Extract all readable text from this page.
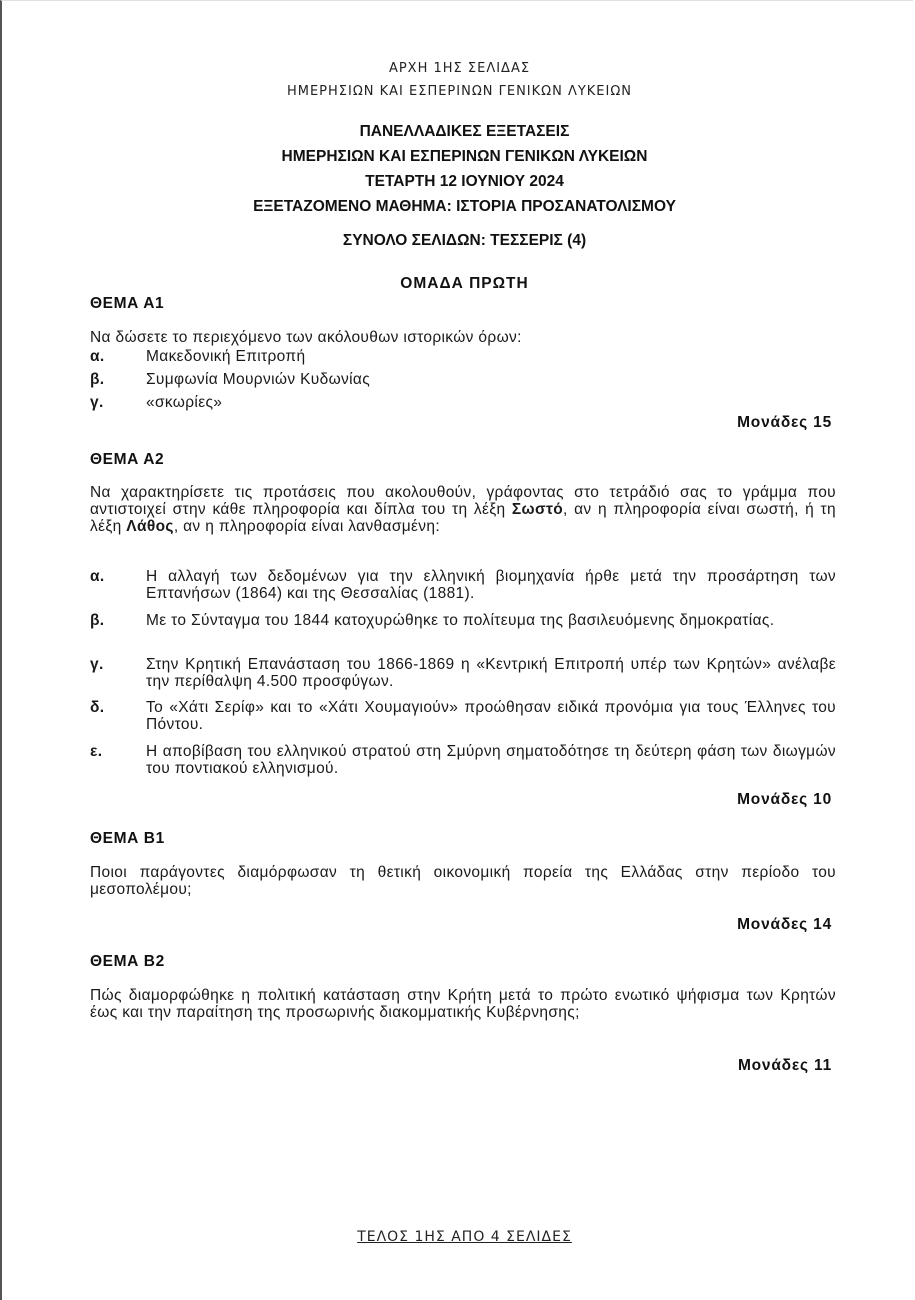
ΑΡΧΗ 1ΗΣ ΣΕΛΙΔΑΣ
ΗΜΕΡΗΣΙΩΝ ΚΑΙ ΕΣΠΕΡΙΝΩΝ ΓΕΝΙΚΩΝ ΛΥΚΕΙΩΝ
ΠΑΝΕΛΛΑΔΙΚΕΣ ΕΞΕΤΑΣΕΙΣ
ΗΜΕΡΗΣΙΩΝ ΚΑΙ ΕΣΠΕΡΙΝΩΝ ΓΕΝΙΚΩΝ ΛΥΚΕΙΩΝ
ΤΕΤΑΡΤΗ 12 ΙΟΥΝΙΟΥ 2024
ΕΞΕΤΑΖΟΜΕΝΟ ΜΑΘΗΜΑ: ΙΣΤΟΡΙΑ ΠΡΟΣΑΝΑΤΟΛΙΣΜΟΥ
ΣΥΝΟΛΟ ΣΕΛΙΔΩΝ: ΤΕΣΣΕΡΙΣ (4)
ΟΜΑΔΑ ΠΡΩΤΗ
ΘΕΜΑ Α1
Να δώσετε το περιεχόμενο των ακόλουθων ιστορικών όρων:
α.	Μακεδονική Επιτροπή
β.	Συμφωνία Μουρνιών Κυδωνίας
γ.	«σκωρίες»
Μονάδες 15
ΘΕΜΑ Α2
Να χαρακτηρίσετε τις προτάσεις που ακολουθούν, γράφοντας στο τετράδιό σας το γράμμα που αντιστοιχεί στην κάθε πληροφορία και δίπλα του τη λέξη Σωστό, αν η πληροφορία είναι σωστή, ή τη λέξη Λάθος, αν η πληροφορία είναι λανθασμένη:
α.	Η αλλαγή των δεδομένων για την ελληνική βιομηχανία ήρθε μετά την προσάρτηση των Επτανήσων (1864) και της Θεσσαλίας (1881).
β.	Με το Σύνταγμα του 1844 κατοχυρώθηκε το πολίτευμα της βασιλευόμενης δημοκρατίας.
γ.	Στην Κρητική Επανάσταση του 1866-1869 η «Κεντρική Επιτροπή υπέρ των Κρητών» ανέλαβε την περίθαλψη 4.500 προσφύγων.
δ.	Το «Χάτι Σερίφ» και το «Χάτι Χουμαγιούν» προώθησαν ειδικά προνόμια για τους Έλληνες του Πόντου.
ε.	Η αποβίβαση του ελληνικού στρατού στη Σμύρνη σηματοδότησε τη δεύτερη φάση των διωγμών του ποντιακού ελληνισμού.
Μονάδες 10
ΘΕΜΑ Β1
Ποιοι παράγοντες διαμόρφωσαν τη θετική οικονομική πορεία της Ελλάδας στην περίοδο του μεσοπολέμου;
Μονάδες 14
ΘΕΜΑ Β2
Πώς διαμορφώθηκε η πολιτική κατάσταση στην Κρήτη μετά το πρώτο ενωτικό ψήφισμα των Κρητών έως και την παραίτηση της προσωρινής διακομματικής Κυβέρνησης;
Μονάδες 11
ΤΕΛΟΣ 1ΗΣ ΑΠΟ 4 ΣΕΛΙΔΕΣ
